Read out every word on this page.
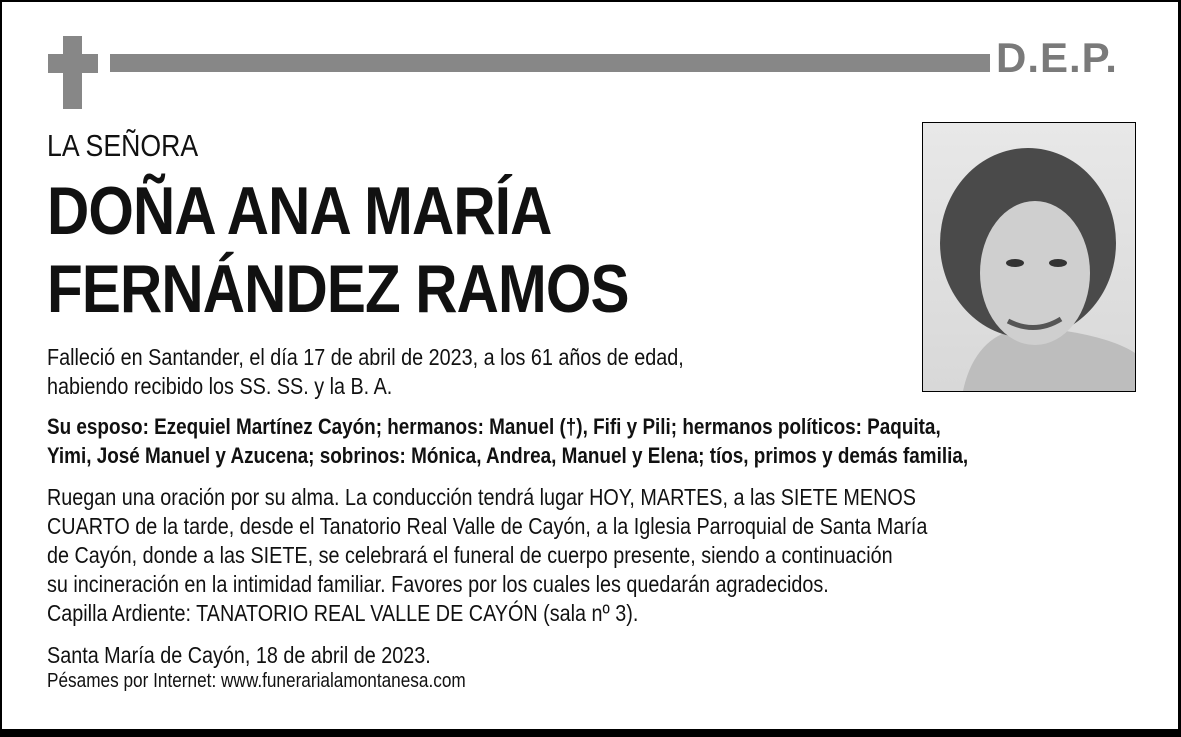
D.E.P.
LA SEÑORA
DOÑA ANA MARÍA
FERNÁNDEZ RAMOS
Falleció en Santander, el día 17 de abril de 2023, a los 61 años de edad,
habiendo recibido los SS. SS. y la B. A.
Su esposo: Ezequiel Martínez Cayón; hermanos: Manuel (†), Fifi y Pili; hermanos políticos: Paquita,
Yimi, José Manuel y Azucena; sobrinos: Mónica, Andrea, Manuel y Elena; tíos, primos y demás familia,
Ruegan una oración por su alma. La conducción tendrá lugar HOY, MARTES, a las SIETE MENOS
CUARTO de la tarde, desde el Tanatorio Real Valle de Cayón, a la Iglesia Parroquial de Santa María
de Cayón, donde a las SIETE, se celebrará el funeral de cuerpo presente, siendo a continuación
su incineración en la intimidad familiar. Favores por los cuales les quedarán agradecidos.
Capilla Ardiente: TANATORIO REAL VALLE DE CAYÓN (sala nº 3).
Santa María de Cayón, 18 de abril de 2023.
Pésames por Internet: www.funerarialamontanesa.com
